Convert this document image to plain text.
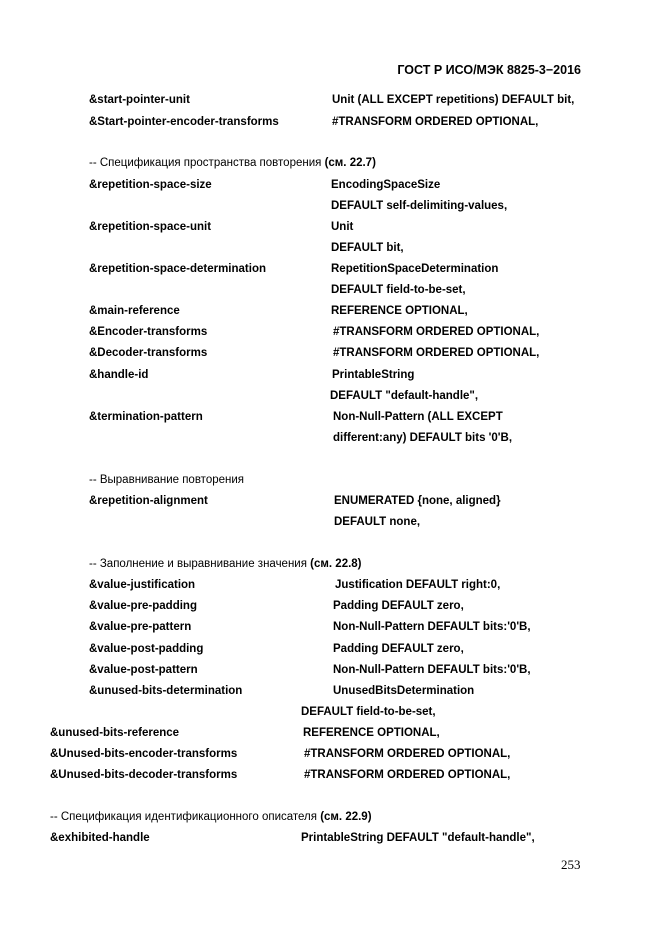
ГОСТ Р ИСО/МЭК 8825-3−2016
&start-pointer-unit	Unit (ALL EXCEPT repetitions) DEFAULT bit,
&Start-pointer-encoder-transforms	#TRANSFORM ORDERED OPTIONAL,
-- Спецификация пространства повторения (см. 22.7)
&repetition-space-size	EncodingSpaceSize
DEFAULT self-delimiting-values,
&repetition-space-unit	Unit
DEFAULT bit,
&repetition-space-determination	RepetitionSpaceDetermination
DEFAULT field-to-be-set,
&main-reference	REFERENCE OPTIONAL,
&Encoder-transforms	#TRANSFORM ORDERED OPTIONAL,
&Decoder-transforms	#TRANSFORM ORDERED OPTIONAL,
&handle-id	PrintableString
DEFAULT "default-handle",
&termination-pattern	Non-Null-Pattern (ALL EXCEPT
different:any) DEFAULT bits '0'B,
-- Выравнивание повторения
&repetition-alignment	ENUMERATED {none, aligned}
DEFAULT none,
-- Заполнение и выравнивание значения (см. 22.8)
&value-justification	Justification DEFAULT right:0,
&value-pre-padding	Padding DEFAULT zero,
&value-pre-pattern	Non-Null-Pattern DEFAULT bits:'0'B,
&value-post-padding	Padding DEFAULT zero,
&value-post-pattern	Non-Null-Pattern DEFAULT bits:'0'B,
&unused-bits-determination	UnusedBitsDetermination
DEFAULT field-to-be-set,
&unused-bits-reference	REFERENCE OPTIONAL,
&Unused-bits-encoder-transforms	#TRANSFORM ORDERED OPTIONAL,
&Unused-bits-decoder-transforms	#TRANSFORM ORDERED OPTIONAL,
-- Спецификация идентификационного описателя (см. 22.9)
&exhibited-handle	PrintableString DEFAULT "default-handle",
253
